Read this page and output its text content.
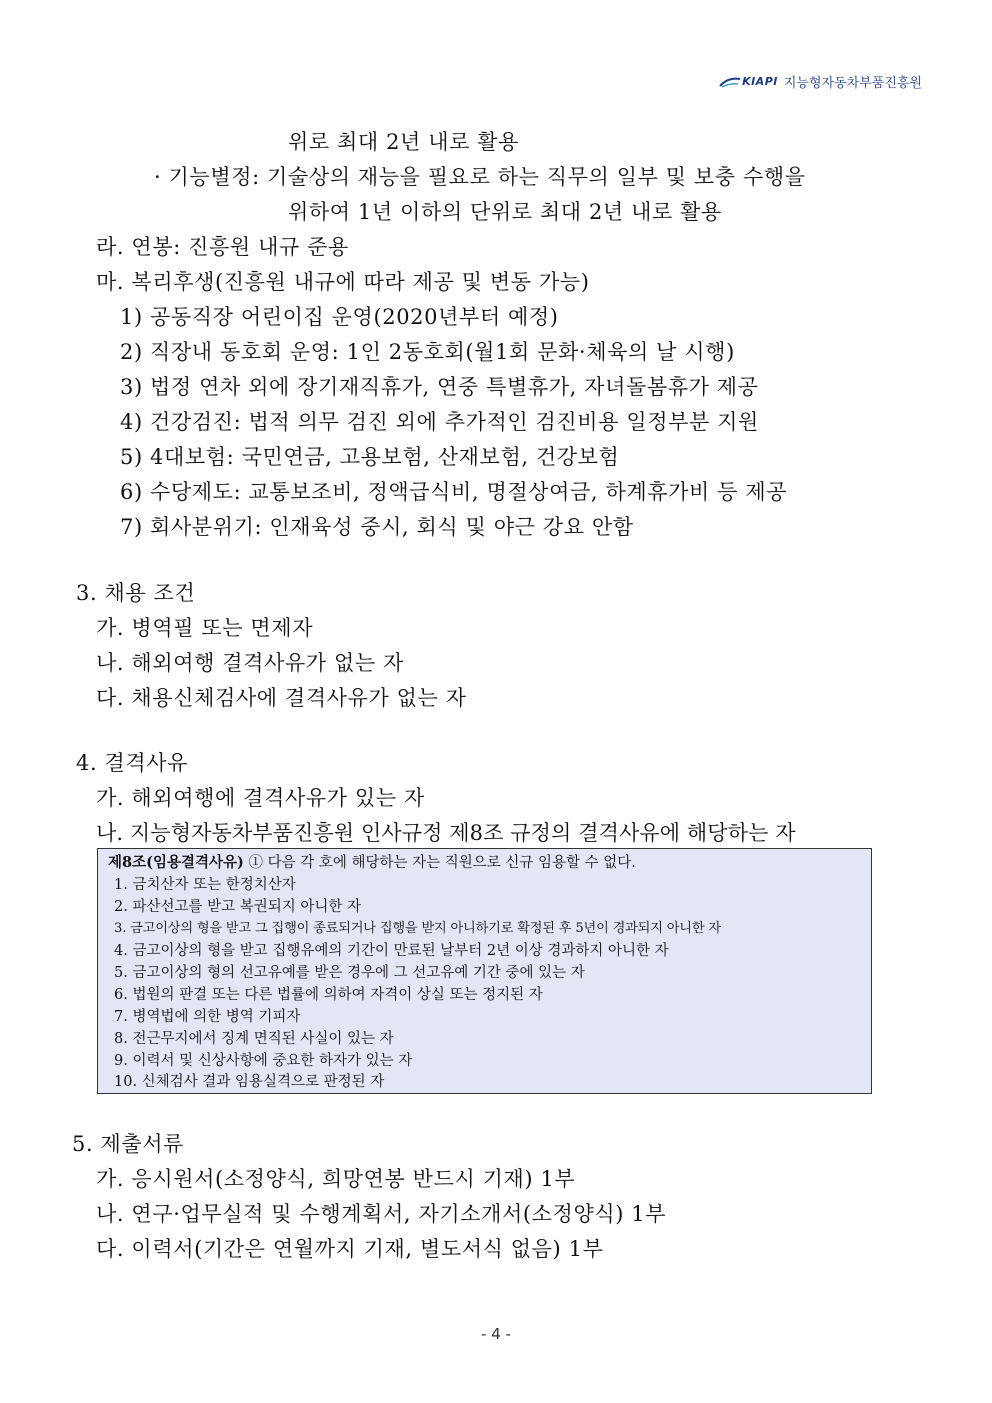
KIAPI 지능형자동차부품진흥원
위로 최대 2년 내로 활용
· 기능별정: 기술상의 재능을 필요로 하는 직무의 일부 및 보충 수행을
위하여 1년 이하의 단위로 최대 2년 내로 활용
라. 연봉: 진흥원 내규 준용
마. 복리후생(진흥원 내규에 따라 제공 및 변동 가능)
1) 공동직장 어린이집 운영(2020년부터 예정)
2) 직장내 동호회 운영: 1인 2동호회(월1회 문화·체육의 날 시행)
3) 법정 연차 외에 장기재직휴가, 연중 특별휴가, 자녀돌봄휴가 제공
4) 건강검진: 법적 의무 검진 외에 추가적인 검진비용 일정부분 지원
5) 4대보험: 국민연금, 고용보험, 산재보험, 건강보험
6) 수당제도: 교통보조비, 정액급식비, 명절상여금, 하계휴가비 등 제공
7) 회사분위기: 인재육성 중시, 회식 및 야근 강요 안함
3. 채용 조건
가. 병역필 또는 면제자
나. 해외여행 결격사유가 없는 자
다. 채용신체검사에 결격사유가 없는 자
4. 결격사유
가. 해외여행에 결격사유가 있는 자
나. 지능형자동차부품진흥원 인사규정 제8조 규정의 결격사유에 해당하는 자
제8조(임용결격사유) ① 다음 각 호에 해당하는 자는 직원으로 신규 임용할 수 없다.
1. 금치산자 또는 한정치산자
2. 파산선고를 받고 복권되지 아니한 자
3. 금고이상의 형을 받고 그 집행이 종료되거나 집행을 받지 아니하기로 확정된 후 5년이 경과되지 아니한 자
4. 금고이상의 형을 받고 집행유예의 기간이 만료된 날부터 2년 이상 경과하지 아니한 자
5. 금고이상의 형의 선고유예를 받은 경우에 그 선고유예 기간 중에 있는 자
6. 법원의 판결 또는 다른 법률에 의하여 자격이 상실 또는 정지된 자
7. 병역법에 의한 병역 기피자
8. 전근무지에서 징계 면직된 사실이 있는 자
9. 이력서 및 신상사항에 중요한 하자가 있는 자
10. 신체검사 결과 임용실격으로 판정된 자
5. 제출서류
가. 응시원서(소정양식, 희망연봉 반드시 기재) 1부
나. 연구·업무실적 및 수행계획서, 자기소개서(소정양식) 1부
다. 이력서(기간은 연월까지 기재, 별도서식 없음) 1부
- 4 -
